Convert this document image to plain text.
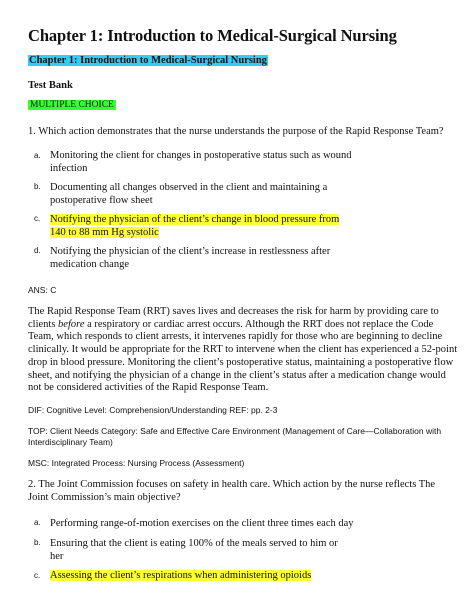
Chapter 1: Introduction to Medical-Surgical Nursing
Chapter 1: Introduction to Medical-Surgical Nursing
Test Bank
MULTIPLE CHOICE
1. Which action demonstrates that the nurse understands the purpose of the Rapid Response Team?
a. Monitoring the client for changes in postoperative status such as wound
infection
b. Documenting all changes observed in the client and maintaining a
postoperative flow sheet
c. Notifying the physician of the client’s change in blood pressure from
140 to 88 mm Hg systolic
d. Notifying the physician of the client’s increase in restlessness after
medication change
ANS: C
The Rapid Response Team (RRT) saves lives and decreases the risk for harm by providing care to clients before a respiratory or cardiac arrest occurs. Although the RRT does not replace the Code Team, which responds to client arrests, it intervenes rapidly for those who are beginning to decline clinically. It would be appropriate for the RRT to intervene when the client has experienced a 52-point drop in blood pressure. Monitoring the client’s postoperative status, maintaining a postoperative flow sheet, and notifying the physician of a change in the client’s status after a medication change would not be considered activities of the Rapid Response Team.
DIF: Cognitive Level: Comprehension/Understanding REF: pp. 2-3
TOP: Client Needs Category: Safe and Effective Care Environment (Management of Care—Collaboration with
Interdisciplinary Team)
MSC: Integrated Process: Nursing Process (Assessment)
2. The Joint Commission focuses on safety in health care. Which action by the nurse reflects The
Joint Commission’s main objective?
a. Performing range-of-motion exercises on the client three times each day
b. Ensuring that the client is eating 100% of the meals served to him or
her
c. Assessing the client’s respirations when administering opioids
